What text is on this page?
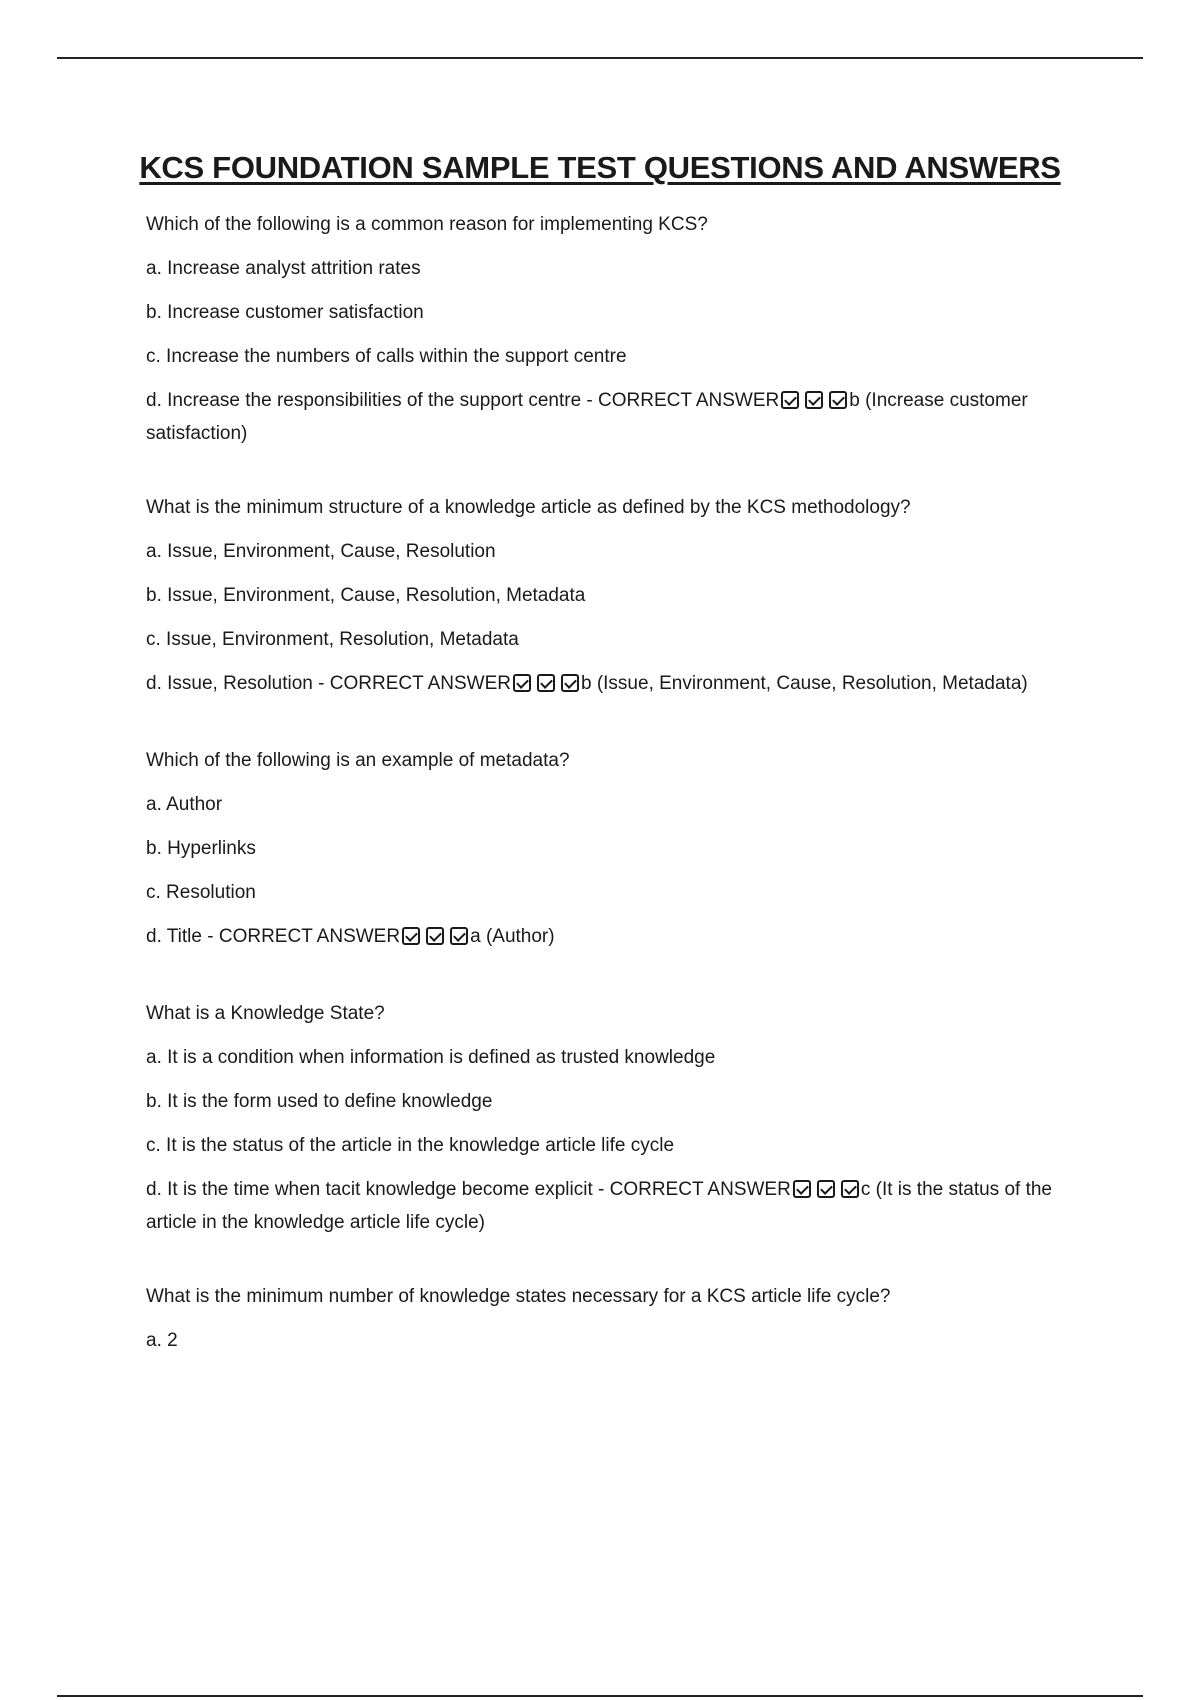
KCS FOUNDATION SAMPLE TEST QUESTIONS AND ANSWERS

Which of the following is a common reason for implementing KCS?

a. Increase analyst attrition rates

b. Increase customer satisfaction

c. Increase the numbers of calls within the support centre

d. Increase the responsibilities of the support centre - CORRECT ANSWER	b (Increase customer satisfaction)

What is the minimum structure of a knowledge article as defined by the KCS methodology?

a. Issue, Environment, Cause, Resolution

b. Issue, Environment, Cause, Resolution, Metadata

c. Issue, Environment, Resolution, Metadata

d. Issue, Resolution - CORRECT ANSWER	b (Issue, Environment, Cause, Resolution, Metadata)

Which of the following is an example of metadata?

a. Author

b. Hyperlinks

c. Resolution

d. Title - CORRECT ANSWER	a (Author)

What is a Knowledge State?

a. It is a condition when information is defined as trusted knowledge

b. It is the form used to define knowledge

c. It is the status of the article in the knowledge article life cycle

d. It is the time when tacit knowledge become explicit - CORRECT ANSWER	c (It is the status of the article in the knowledge article life cycle)

What is the minimum number of knowledge states necessary for a KCS article life cycle?

a. 2
